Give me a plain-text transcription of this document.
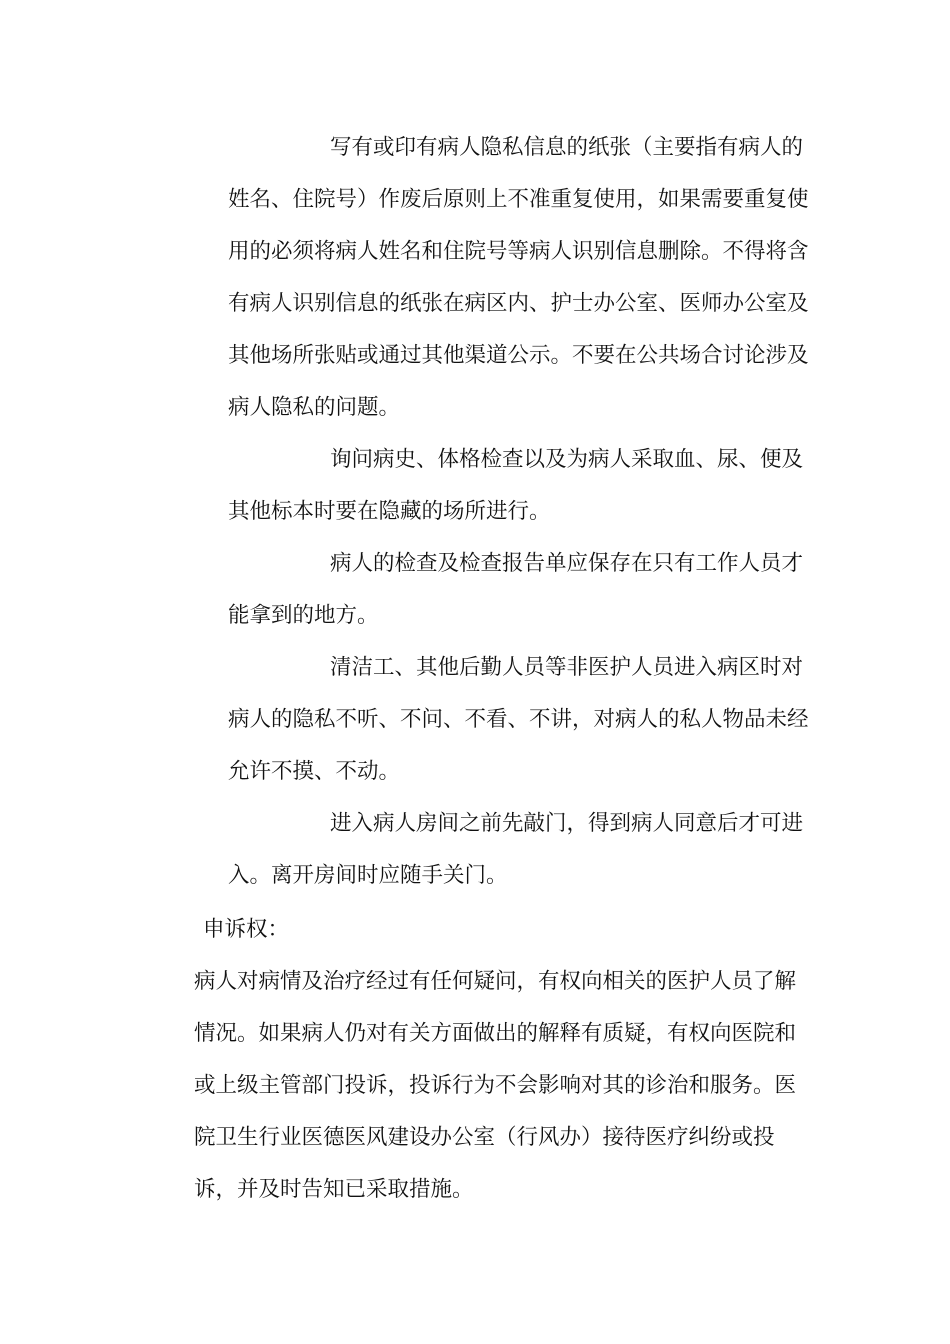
写有或印有病人隐私信息的纸张（主要指有病人的姓名、住院号）作废后原则上不准重复使用，如果需要重复使用的必须将病人姓名和住院号等病人识别信息删除。不得将含有病人识别信息的纸张在病区内、护士办公室、医师办公室及其他场所张贴或通过其他渠道公示。不要在公共场合讨论涉及病人隐私的问题。

询问病史、体格检查以及为病人采取血、尿、便及其他标本时要在隐藏的场所进行。

病人的检查及检查报告单应保存在只有工作人员才能拿到的地方。

清洁工、其他后勤人员等非医护人员进入病区时对病人的隐私不听、不问、不看、不讲，对病人的私人物品未经允许不摸、不动。

进入病人房间之前先敲门，得到病人同意后才可进入。离开房间时应随手关门。

申诉权：

病人对病情及治疗经过有任何疑问，有权向相关的医护人员了解情况。如果病人仍对有关方面做出的解释有质疑，有权向医院和或上级主管部门投诉，投诉行为不会影响对其的诊治和服务。医院卫生行业医德医风建设办公室（行风办）接待医疗纠纷或投诉，并及时告知已采取措施。
